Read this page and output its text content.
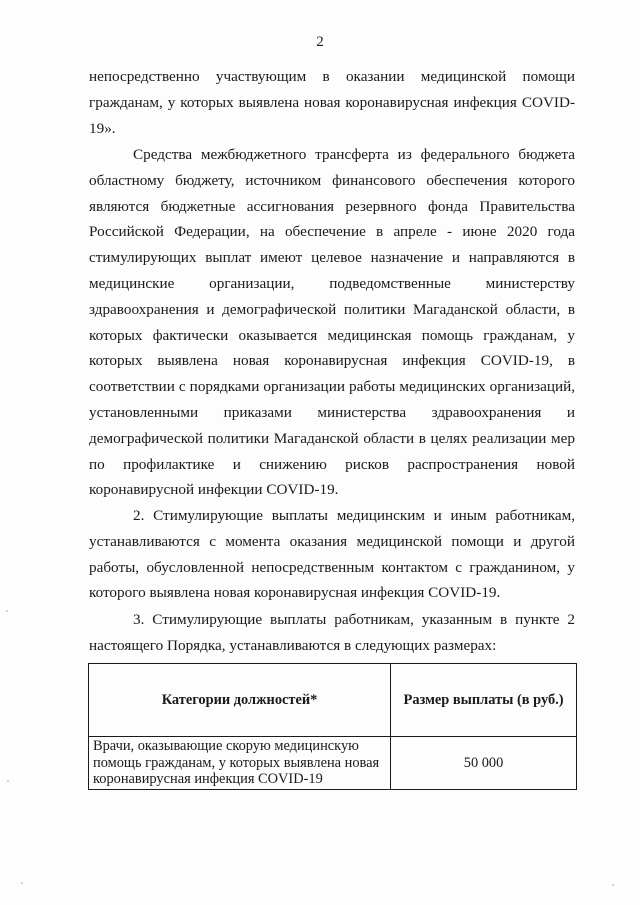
2

непосредственно участвующим в оказании медицинской помощи гражданам, у которых выявлена новая коронавирусная инфекция COVID-19».

Средства межбюджетного трансферта из федерального бюджета областному бюджету, источником финансового обеспечения которого являются бюджетные ассигнования резервного фонда Правительства Российской Федерации, на обеспечение в апреле - июне 2020 года стимулирующих выплат имеют целевое назначение и направляются в медицинские организации, подведомственные министерству здравоохранения и демографической политики Магаданской области, в которых фактически оказывается медицинская помощь гражданам, у которых выявлена новая коронавирусная инфекция COVID-19, в соответствии с порядками организации работы медицинских организаций, установленными приказами министерства здравоохранения и демографической политики Магаданской области в целях реализации мер по профилактике и снижению рисков распространения новой коронавирусной инфекции COVID-19.

2. Стимулирующие выплаты медицинским и иным работникам, устанавливаются с момента оказания медицинской помощи и другой работы, обусловленной непосредственным контактом с гражданином, у которого выявлена новая коронавирусная инфекция COVID-19.

3. Стимулирующие выплаты работникам, указанным в пункте 2 настоящего Порядка, устанавливаются в следующих размерах:

Категории должностей*	Размер выплаты (в руб.)
Врачи, оказывающие скорую медицинскую помощь гражданам, у которых выявлена новая коронавирусная инфекция COVID-19	50 000
